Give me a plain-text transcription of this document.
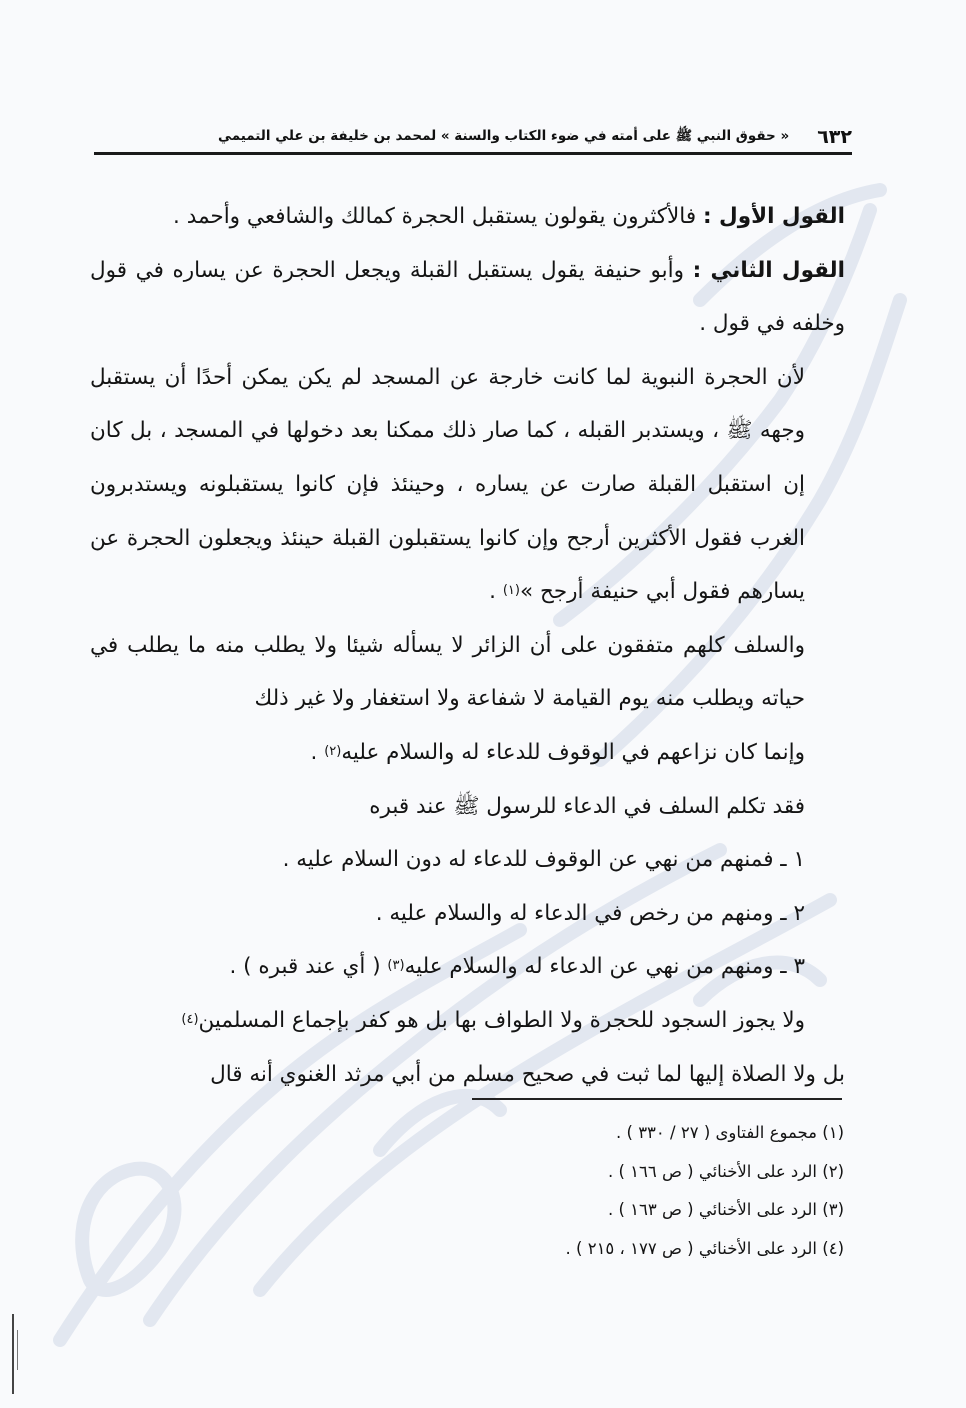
٦٣٢
« حقوق النبي ﷺ على أمته في ضوء الكتاب والسنة » لمحمد بن خليفة بن علي التميمي

القول الأول : فالأكثرون يقولون يستقبل الحجرة كمالك والشافعي وأحمد .

القول الثاني : وأبو حنيفة يقول يستقبل القبلة ويجعل الحجرة عن يساره في قول وخلفه في قول .

لأن الحجرة النبوية لما كانت خارجة عن المسجد لم يكن يمكن أحدًا أن يستقبل وجهه ﷺ ، ويستدبر القبله ، كما صار ذلك ممكنا بعد دخولها في المسجد ، بل كان إن استقبل القبلة صارت عن يساره ، وحينئذ فإن كانوا يستقبلونه ويستدبرون الغرب فقول الأكثرين أرجح وإن كانوا يستقبلون القبلة حينئذ ويجعلون الحجرة عن يسارهم فقول أبي حنيفة أرجح »$^{(١)}$ .

والسلف كلهم متفقون على أن الزائر لا يسأله شيئا ولا يطلب منه ما يطلب في حياته ويطلب منه يوم القيامة لا شفاعة ولا استغفار ولا غير ذلك

وإنما كان نزاعهم في الوقوف للدعاء له والسلام عليه$^{(٢)}$ .

فقد تكلم السلف في الدعاء للرسول ﷺ عند قبره

١ ـ فمنهم من نهي عن الوقوف للدعاء له دون السلام عليه .

٢ ـ ومنهم من رخص في الدعاء له والسلام عليه .

٣ ـ ومنهم من نهي عن الدعاء له والسلام عليه$^{(٣)}$ ( أي عند قبره ) .

ولا يجوز السجود للحجرة ولا الطواف بها بل هو كفر بإجماع المسلمين$^{(٤)}$

بل ولا الصلاة إليها لما ثبت في صحيح مسلم من أبي مرثد الغنوي أنه قال

(١) مجموع الفتاوى ( ٢٧ / ٣٣٠ ) .
(٢) الرد على الأخنائي ( ص ١٦٦ ) .
(٣) الرد على الأخنائي ( ص ١٦٣ ) .
(٤) الرد على الأخنائي ( ص ١٧٧ ، ٢١٥ ) .
